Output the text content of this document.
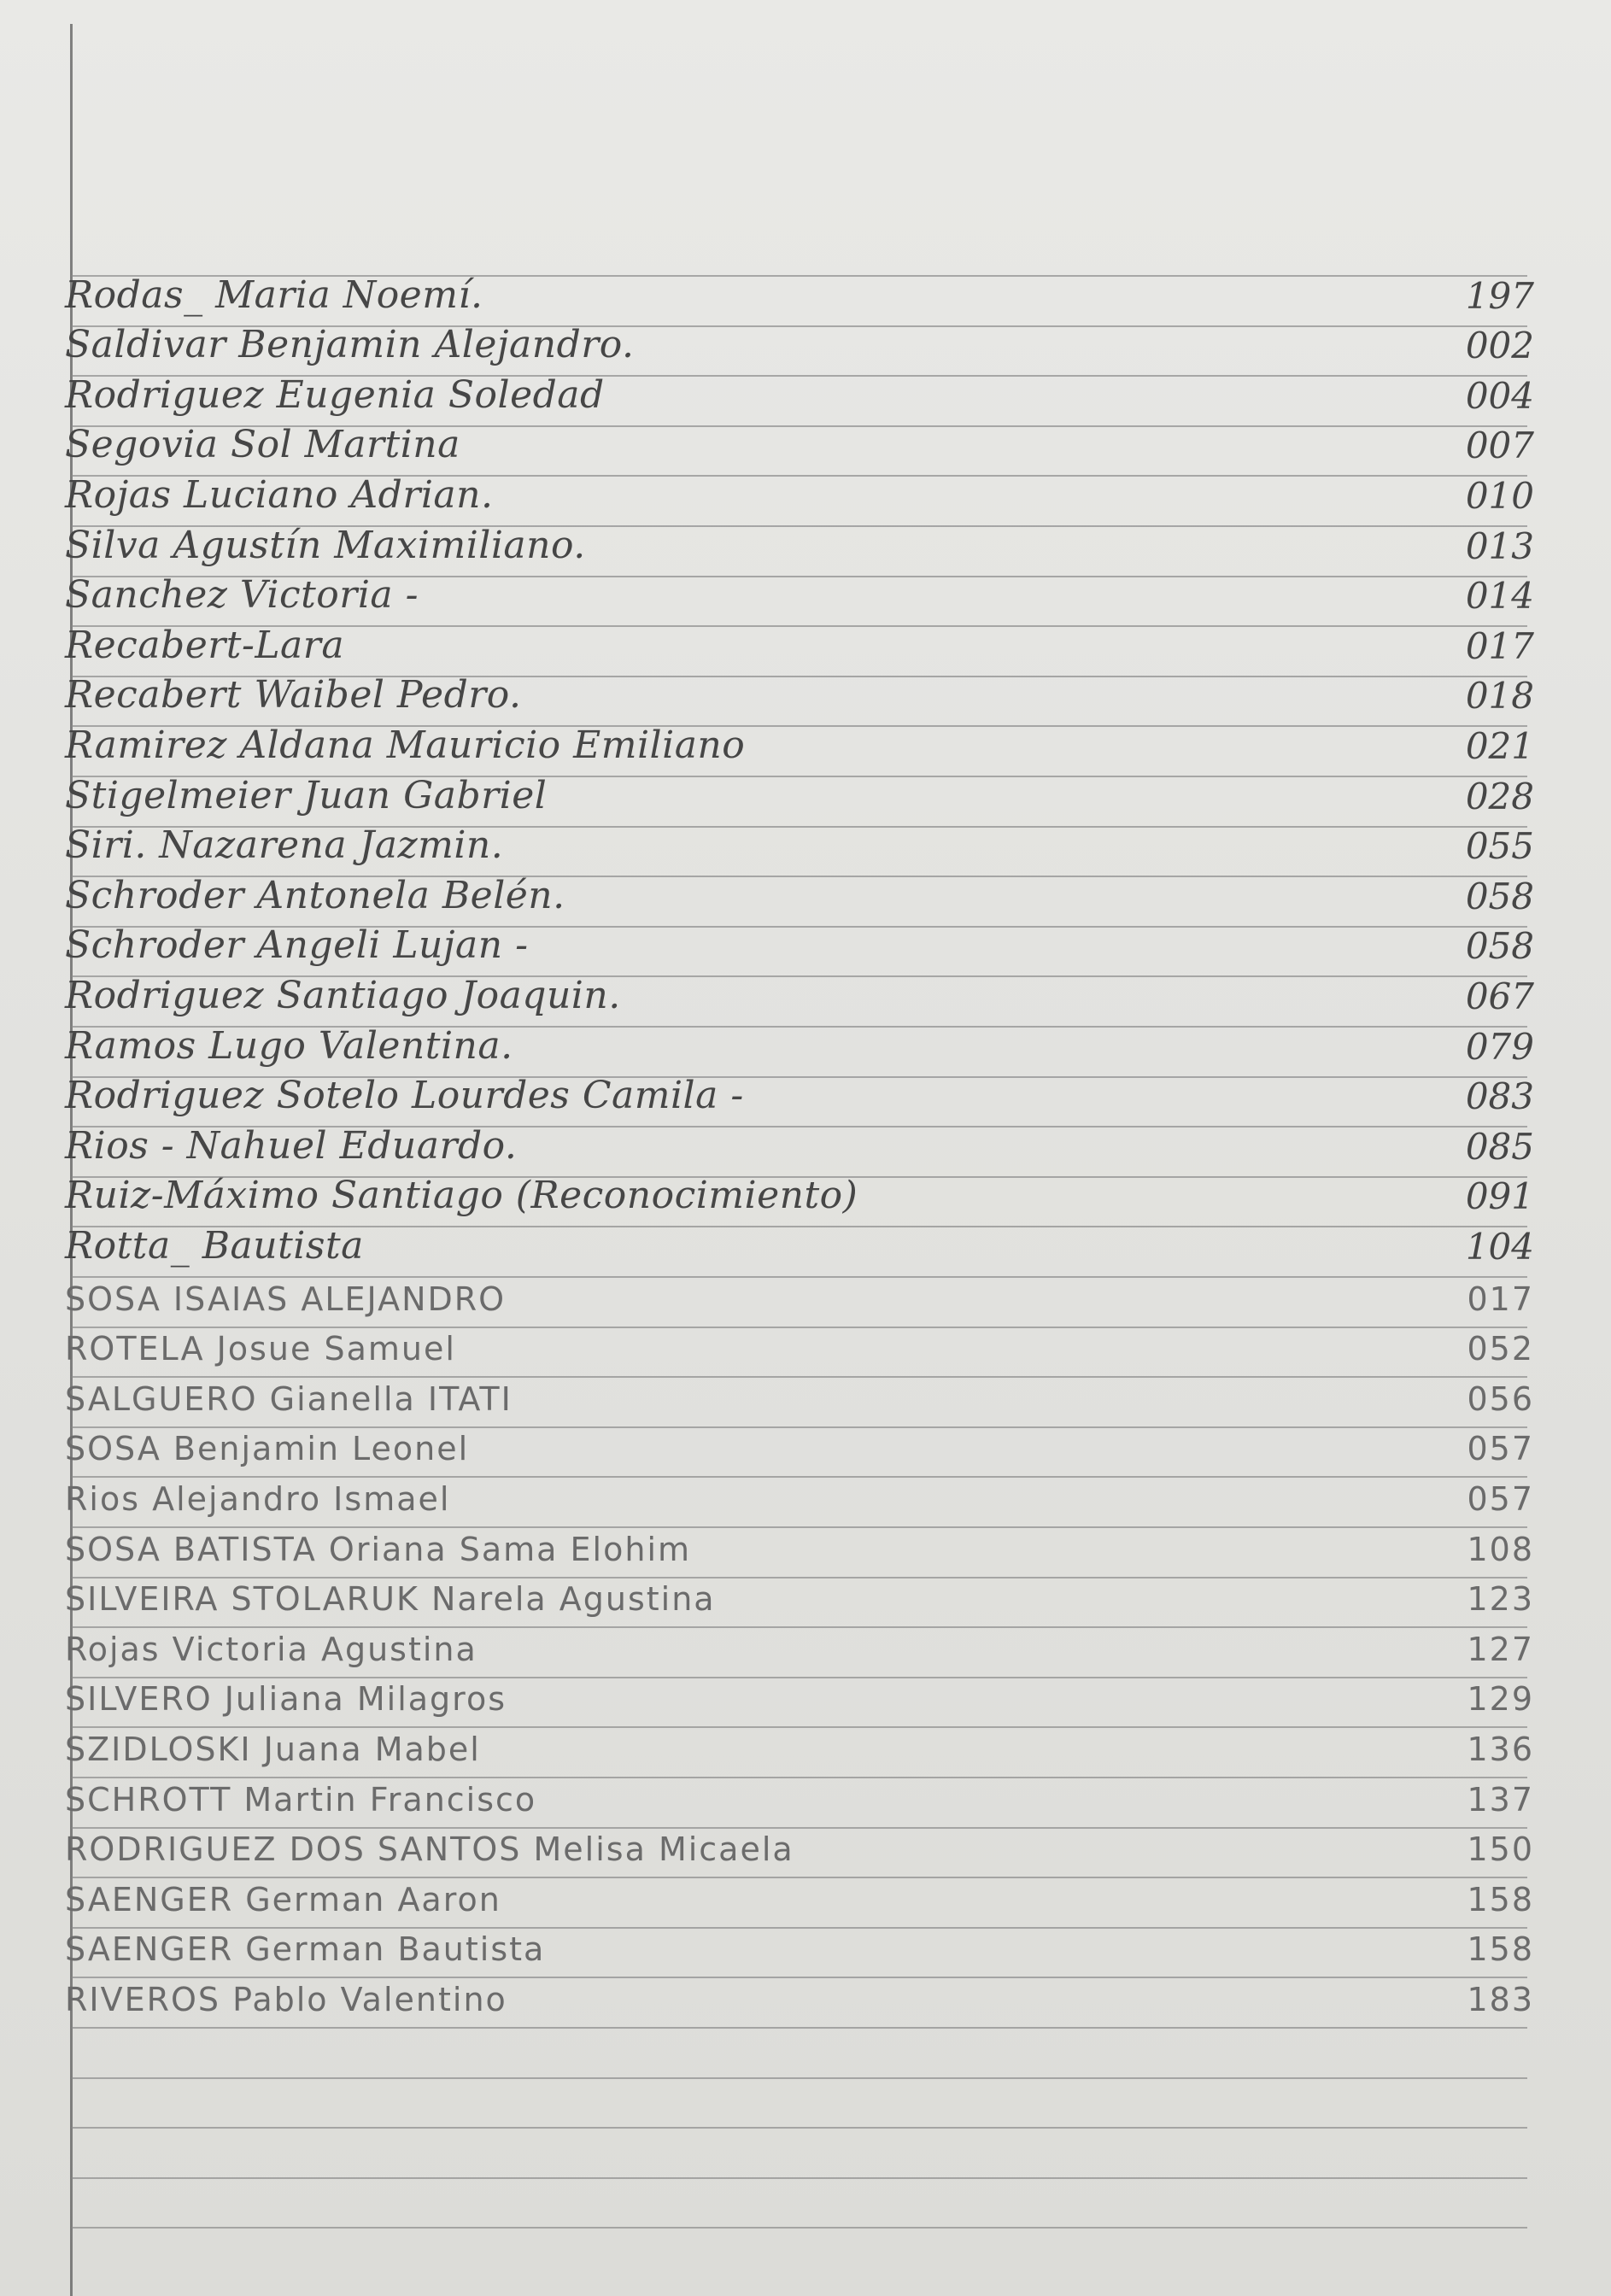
Rodas_ Maria Noemí.	197
Saldivar Benjamin Alejandro.	002
Rodriguez Eugenia Soledad	004
Segovia Sol Martina	007
Rojas Luciano Adrian.	010
Silva Agustín Maximiliano.	013
Sanchez Victoria -	014
Recabert-Lara	017
Recabert Waibel Pedro.	018
Ramirez Aldana Mauricio Emiliano	021
Stigelmeier Juan Gabriel	028
Siri. Nazarena Jazmin.	055
Schroder Antonela Belén.	058
Schroder Angeli Lujan -	058
Rodriguez Santiago Joaquin.	067
Ramos Lugo Valentina.	079
Rodriguez Sotelo Lourdes Camila -	083
Rios - Nahuel Eduardo.	085
Ruiz-Máximo Santiago (Reconocimiento)	091
Rotta_ Bautista	104
SOSA ISAIAS ALEJANDRO	017
ROTELA Josue Samuel	052
SALGUERO Gianella ITATI	056
SOSA Benjamin Leonel	057
Rios Alejandro Ismael	057
SOSA BATISTA Oriana Sama Elohim	108
SILVEIRA STOLARUK Narela Agustina	123
Rojas Victoria Agustina	127
SILVERO Juliana Milagros	129
SZIDLOSKI Juana Mabel	136
SCHROTT Martin Francisco	137
RODRIGUEZ DOS SANTOS Melisa Micaela	150
SAENGER German Aaron	158
SAENGER German Bautista	158
RIVEROS Pablo Valentino	183
